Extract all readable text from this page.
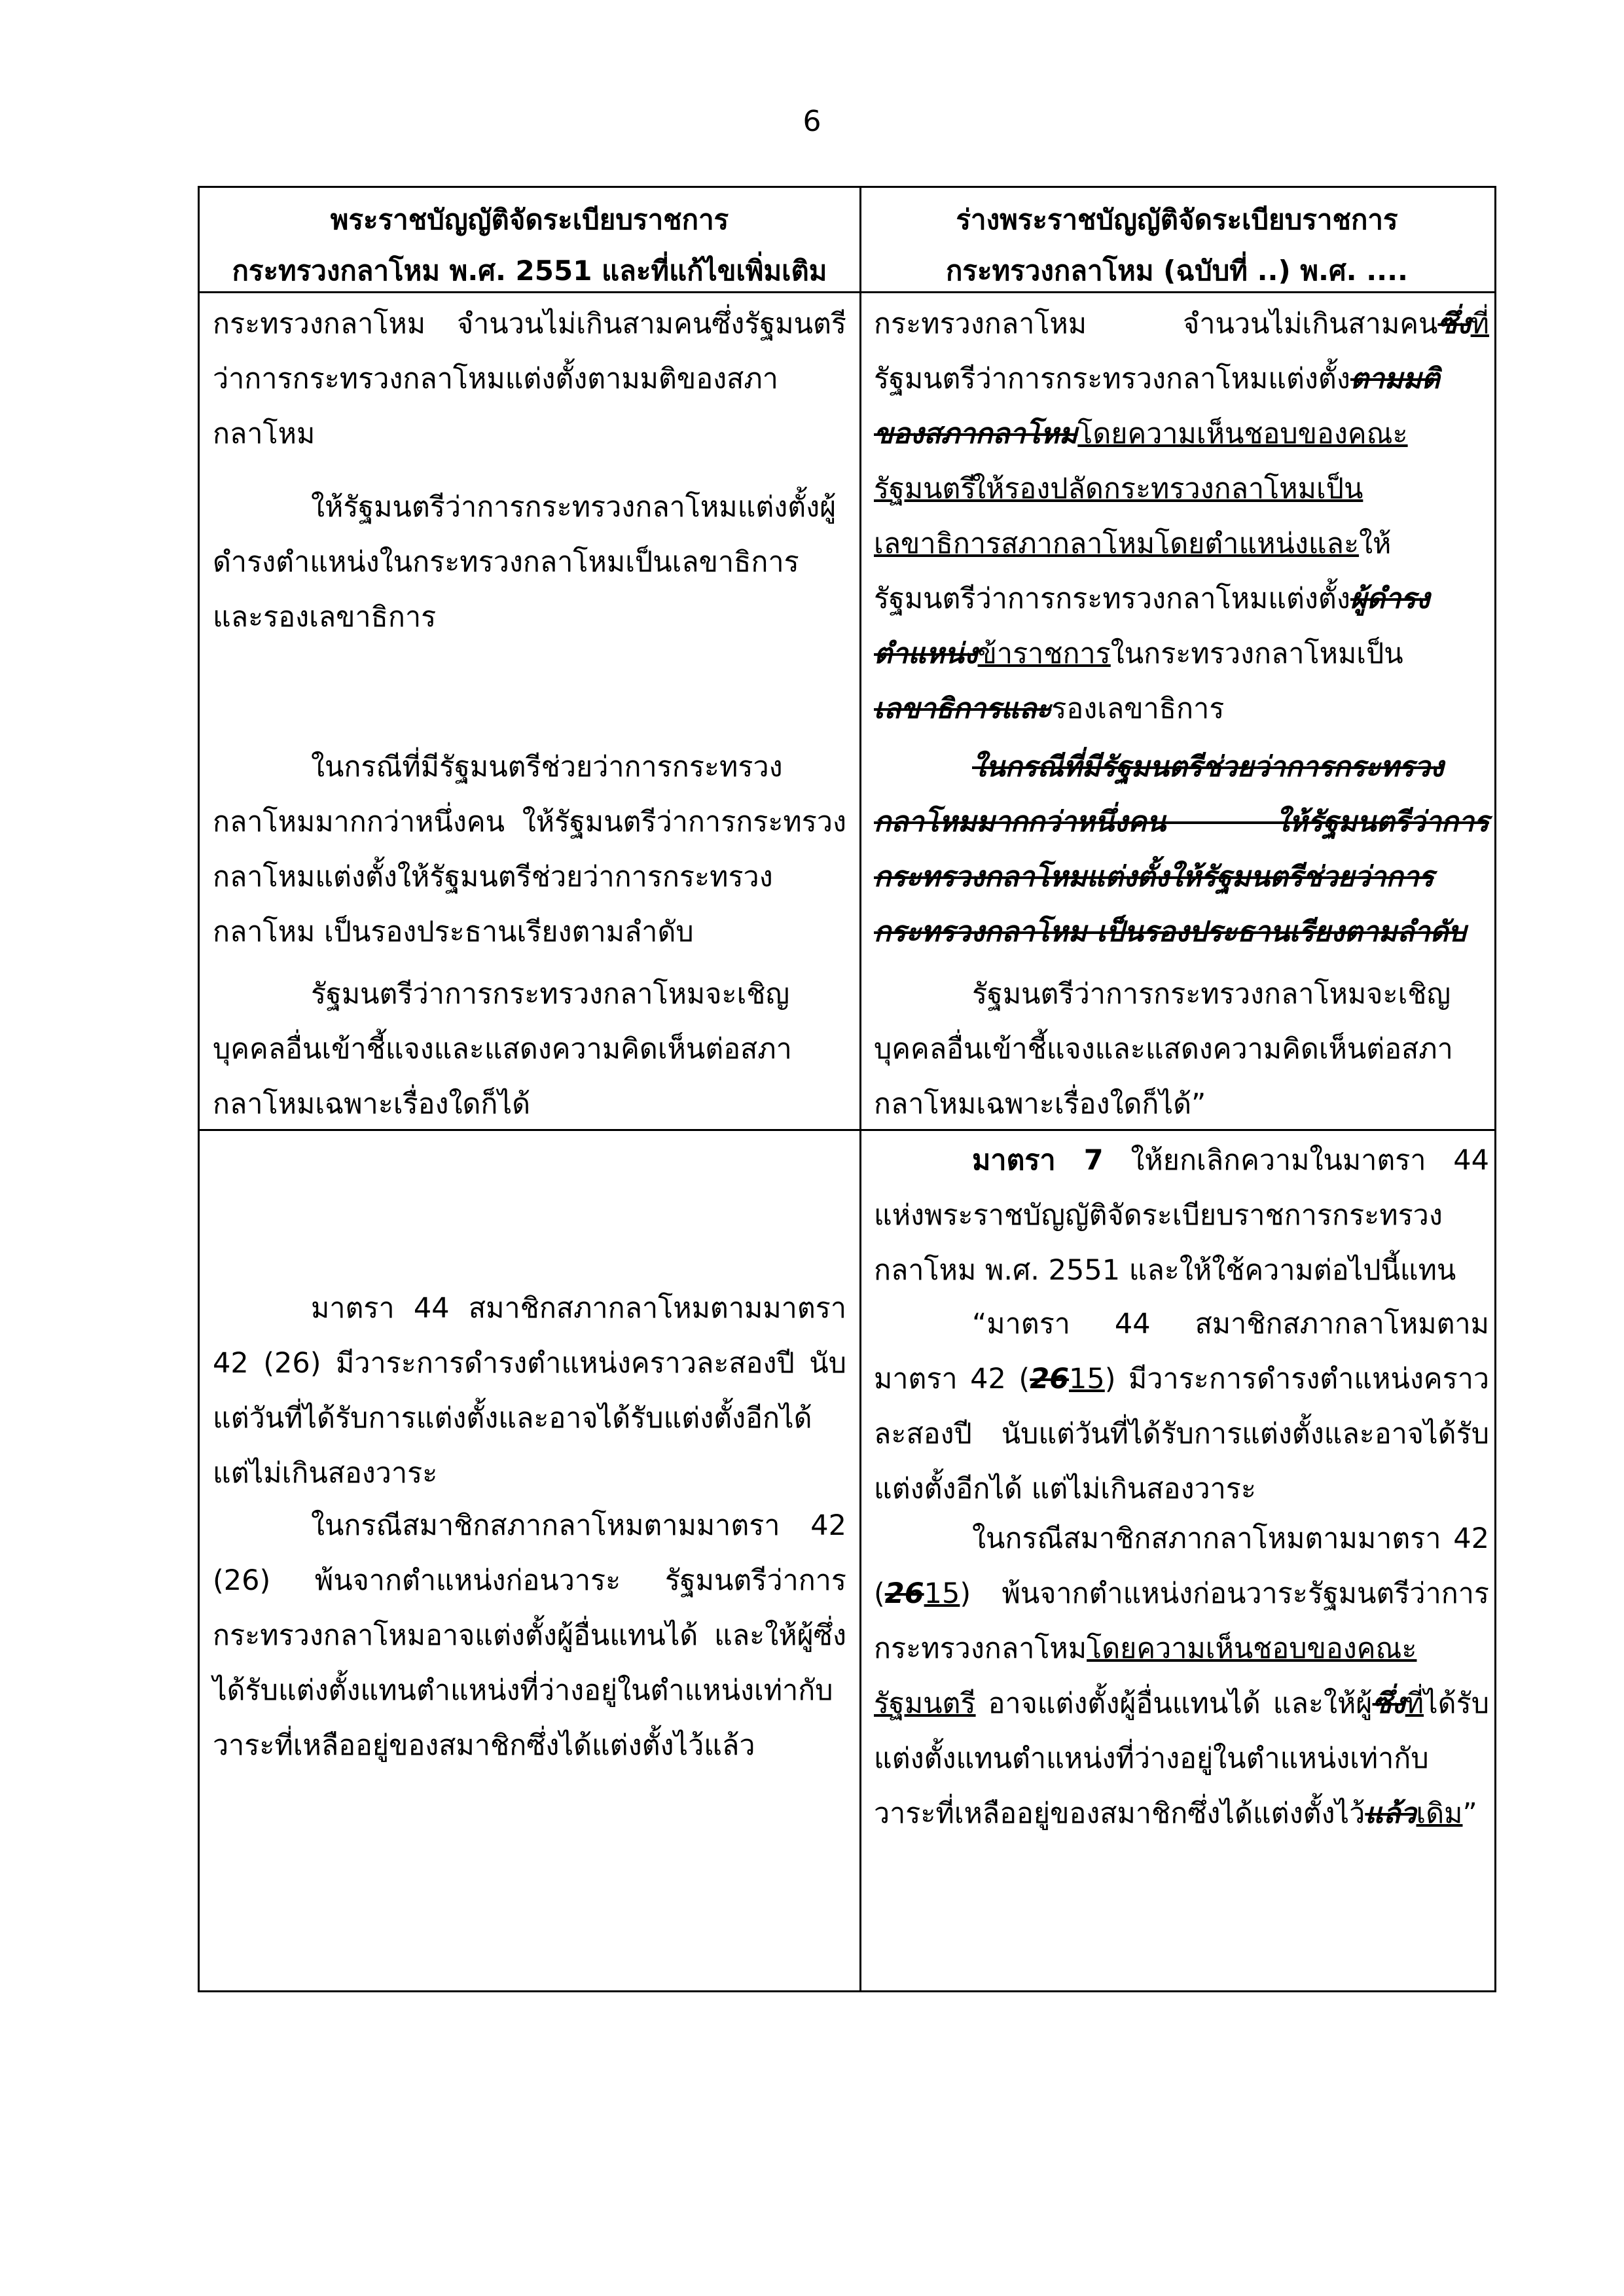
6
พระราชบัญญัติจัดระเบียบราชการ
กระทรวงกลาโหม พ.ศ. 2551 และที่แก้ไขเพิ่มเติม
ร่างพระราชบัญญัติจัดระเบียบราชการ
กระทรวงกลาโหม (ฉบับที่ ..) พ.ศ. ....
กระทรวงกลาโหม จำนวนไม่เกินสามคนซึ่งรัฐมนตรีว่าการกระทรวงกลาโหมแต่งตั้งตามมติของสภากลาโหม
ให้รัฐมนตรีว่าการกระทรวงกลาโหมแต่งตั้งผู้ดำรงตำแหน่งในกระทรวงกลาโหมเป็นเลขาธิการและรองเลขาธิการ
ในกรณีที่มีรัฐมนตรีช่วยว่าการกระทรวงกลาโหมมากกว่าหนึ่งคน ให้รัฐมนตรีว่าการกระทรวงกลาโหมแต่งตั้งให้รัฐมนตรีช่วยว่าการกระทรวงกลาโหม เป็นรองประธานเรียงตามลำดับ
รัฐมนตรีว่าการกระทรวงกลาโหมจะเชิญบุคคลอื่นเข้าชี้แจงและแสดงความคิดเห็นต่อสภากลาโหมเฉพาะเรื่องใดก็ได้
กระทรวงกลาโหม จำนวนไม่เกินสามคนซึ่งที่รัฐมนตรีว่าการกระทรวงกลาโหมแต่งตั้งตามมติของสภากลาโหมโดยความเห็นชอบของคณะรัฐมนตรี
ให้รองปลัดกระทรวงกลาโหมเป็นเลขาธิการสภากลาโหมโดยตำแหน่งและให้รัฐมนตรีว่าการกระทรวงกลาโหมแต่งตั้งผู้ดำรงตำแหน่งข้าราชการในกระทรวงกลาโหมเป็นเลขาธิการและรองเลขาธิการ
ในกรณีที่มีรัฐมนตรีช่วยว่าการกระทรวงกลาโหมมากกว่าหนึ่งคน ให้รัฐมนตรีว่าการกระทรวงกลาโหมแต่งตั้งให้รัฐมนตรีช่วยว่าการกระทรวงกลาโหม เป็นรองประธานเรียงตามลำดับ
รัฐมนตรีว่าการกระทรวงกลาโหมจะเชิญบุคคลอื่นเข้าชี้แจงและแสดงความคิดเห็นต่อสภากลาโหมเฉพาะเรื่องใดก็ได้”
มาตรา 44 สมาชิกสภากลาโหมตามมาตรา 42 (26) มีวาระการดำรงตำแหน่งคราวละสองปี นับแต่วันที่ได้รับการแต่งตั้งและอาจได้รับแต่งตั้งอีกได้ แต่ไม่เกินสองวาระ
ในกรณีสมาชิกสภากลาโหมตามมาตรา 42 (26) พ้นจากตำแหน่งก่อนวาระ รัฐมนตรีว่าการกระทรวงกลาโหมอาจแต่งตั้งผู้อื่นแทนได้ และให้ผู้ซึ่งได้รับแต่งตั้งแทนตำแหน่งที่ว่างอยู่ในตำแหน่งเท่ากับวาระที่เหลืออยู่ของสมาชิกซึ่งได้แต่งตั้งไว้แล้ว
มาตรา 7 ให้ยกเลิกความในมาตรา 44 แห่งพระราชบัญญัติจัดระเบียบราชการกระทรวงกลาโหม พ.ศ. 2551 และให้ใช้ความต่อไปนี้แทน
“มาตรา 44 สมาชิกสภากลาโหมตามมาตรา 42 (2615) มีวาระการดำรงตำแหน่งคราวละสองปี นับแต่วันที่ได้รับการแต่งตั้งและอาจได้รับแต่งตั้งอีกได้ แต่ไม่เกินสองวาระ
ในกรณีสมาชิกสภากลาโหมตามมาตรา 42 (2615) พ้นจากตำแหน่งก่อนวาระรัฐมนตรีว่าการกระทรวงกลาโหมโดยความเห็นชอบของคณะรัฐมนตรี อาจแต่งตั้งผู้อื่นแทนได้ และให้ผู้ซึ่งที่ได้รับแต่งตั้งแทนตำแหน่งที่ว่างอยู่ในตำแหน่งเท่ากับวาระที่เหลืออยู่ของสมาชิกซึ่งได้แต่งตั้งไว้แล้วเดิม”
